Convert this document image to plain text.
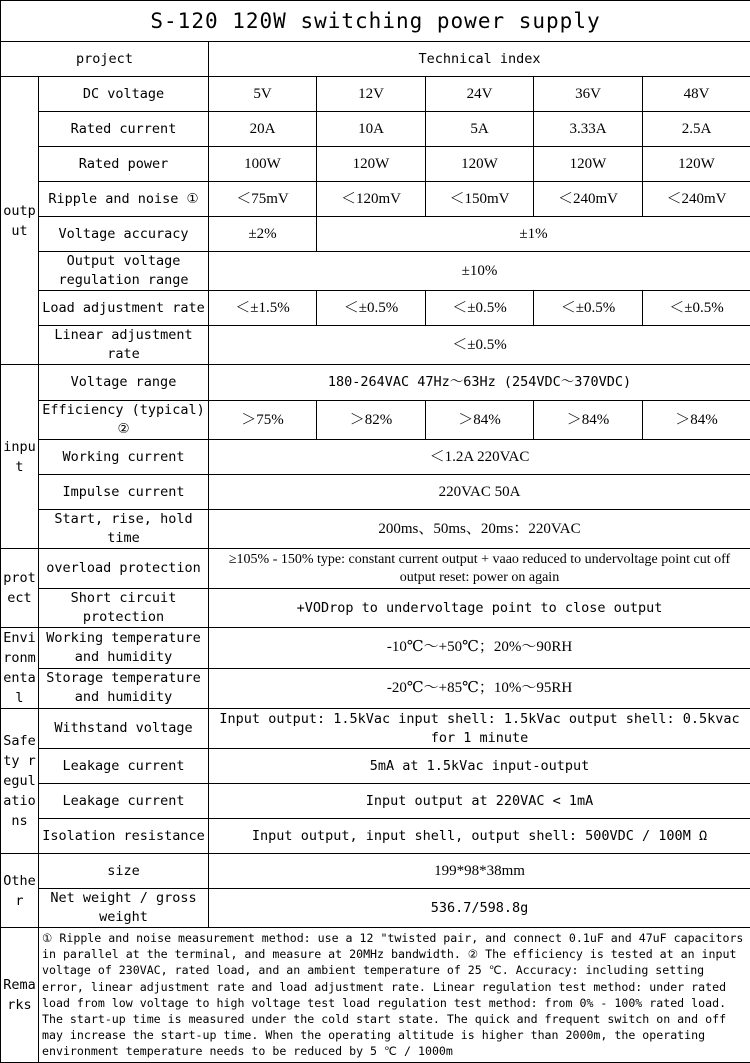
S-120 120W switching power supply						
project		Technical index				
output	DC voltage	5V	12V	24V	36V	48V
	Rated current	20A	10A	5A	3.33A	2.5A
	Rated power	100W	120W	120W	120W	120W
	Ripple and noise ①	＜75mV	＜120mV	＜150mV	＜240mV	＜240mV
	Voltage accuracy	±2%	±1%			
	Output voltage regulation range	±10%				
	Load adjustment rate	＜±1.5%	＜±0.5%	＜±0.5%	＜±0.5%	＜±0.5%
	Linear adjustment rate	＜±0.5%				
input	Voltage range	180-264VAC 47Hz～63Hz (254VDC～370VDC)				
	Efficiency (typical) ②	＞75%	＞82%	＞84%	＞84%	＞84%
	Working current	＜1.2A 220VAC				
	Impulse current	220VAC 50A				
	Start, rise, hold time	200ms、50ms、20ms：220VAC				
protect	overload protection	≥105% - 150% type: constant current output + vaao reduced to undervoltage point cut off output reset: power on again				
	Short circuit protection	+VODrop to undervoltage point to close output				
Environmental	Working temperature and humidity	-10℃～+50℃；20%～90RH				
	Storage temperature and humidity	-20℃～+85℃；10%～95RH				
Safety regulations	Withstand voltage	Input output: 1.5kVac input shell: 1.5kVac output shell: 0.5kvac for 1 minute				
	Leakage current	5mA at 1.5kVac input-output				
	Leakage current	Input output at 220VAC < 1mA				
	Isolation resistance	Input output, input shell, output shell: 500VDC / 100M Ω				
Other	size	199*98*38mm				
	Net weight / gross weight	536.7/598.8g				
Remarks	① Ripple and noise measurement method: use a 12 "twisted pair, and connect 0.1uF and 47uF capacitors in parallel at the terminal, and measure at 20MHz bandwidth. ② The efficiency is tested at an input voltage of 230VAC, rated load, and an ambient temperature of 25 ℃. Accuracy: including setting error, linear adjustment rate and load adjustment rate. Linear regulation test method: under rated load from low voltage to high voltage test load regulation test method: from 0% - 100% rated load. The start-up time is measured under the cold start state. The quick and frequent switch on and off may increase the start-up time. When the operating altitude is higher than 2000m, the operating environment temperature needs to be reduced by 5 ℃ / 1000m					
